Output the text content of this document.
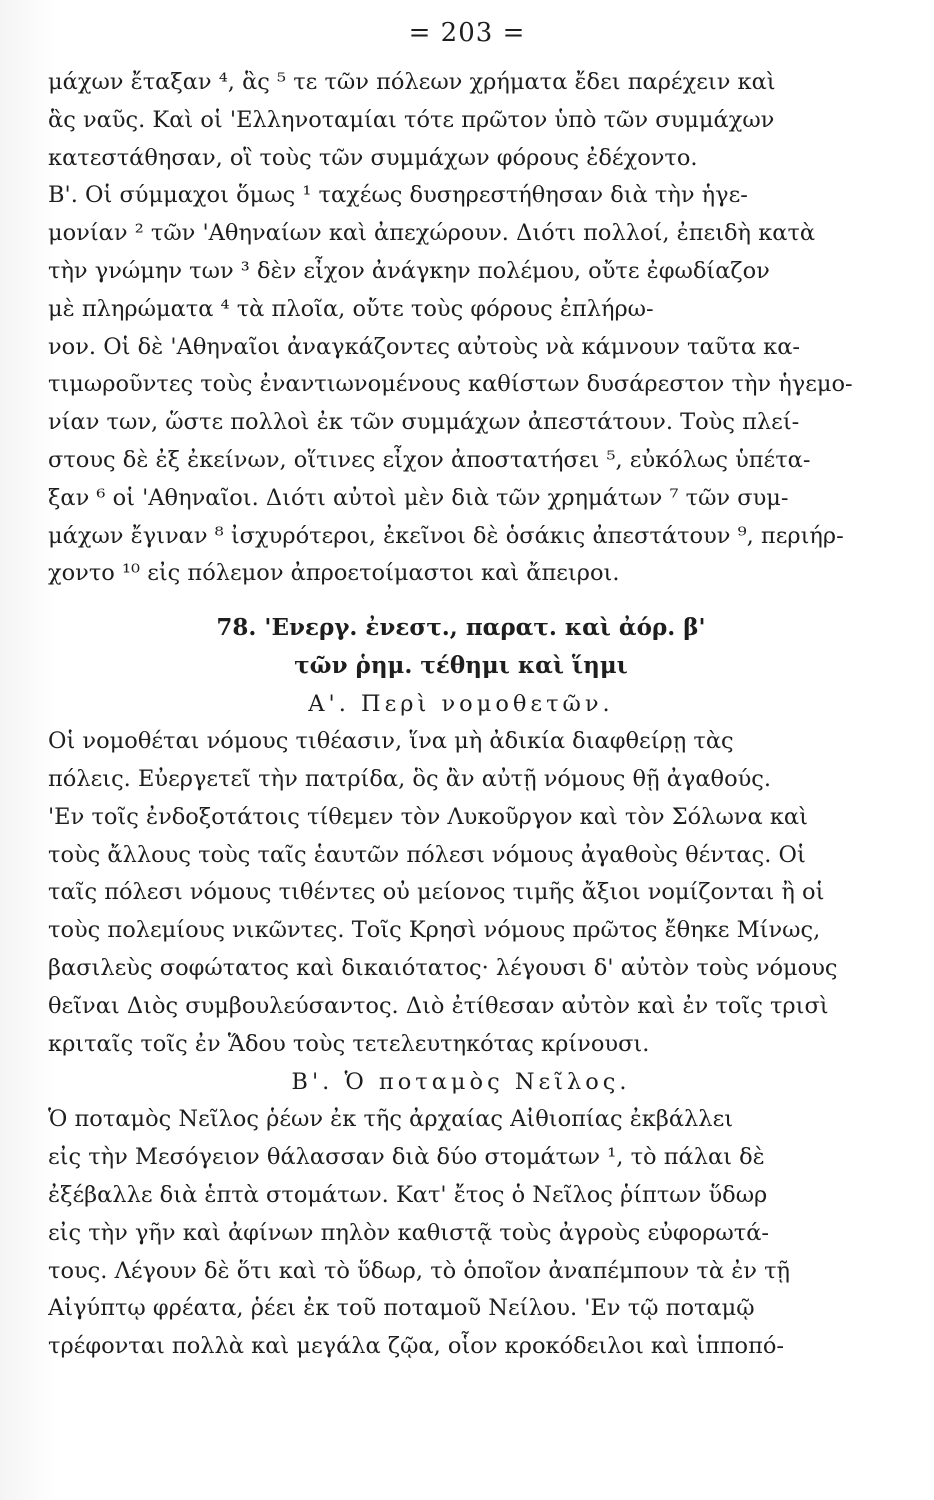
= 203 =
μάχων ἔταξαν ⁴, ἃς ⁵ τε τῶν πόλεων χρήματα ἔδει παρέχειν καὶ
ἃς ναῦς. Καὶ οἱ 'Ελληνοταμίαι τότε πρῶτον ὑπὸ τῶν συμμάχων
κατεστάθησαν, οἳ τοὺς τῶν συμμάχων φόρους ἐδέχοντο.
Β'. Οἱ σύμμαχοι ὅμως ¹ ταχέως δυσηρεστήθησαν διὰ τὴν ἡγε-
μονίαν ² τῶν 'Αθηναίων καὶ ἀπεχώρουν. Διότι πολλοί, ἐπειδὴ κατὰ
τὴν γνώμην των ³ δὲν εἶχον ἀνάγκην πολέμου, οὔτε ἐφωδίαζον
μὲ πληρώματα ⁴ τὰ πλοῖα, οὔτε τοὺς φόρους ἐπλήρω-
νον. Οἱ δὲ 'Αθηναῖοι ἀναγκάζοντες αὐτοὺς νὰ κάμνουν ταῦτα κα-
τιμωροῦντες τοὺς ἐναντιωνομένους καθίστων δυσάρεστον τὴν ἡγεμο-
νίαν των, ὥστε πολλοὶ ἐκ τῶν συμμάχων ἀπεστάτουν. Τοὺς πλεί-
στους δὲ ἐξ ἐκείνων, οἵτινες εἶχον ἀποστατήσει ⁵, εὐκόλως ὑπέτα-
ξαν ⁶ οἱ 'Αθηναῖοι. Διότι αὐτοὶ μὲν διὰ τῶν χρημάτων ⁷ τῶν συμ-
μάχων ἔγιναν ⁸ ἰσχυρότεροι, ἐκεῖνοι δὲ ὁσάκις ἀπεστάτουν ⁹, περιήρ-
χοντο ¹⁰ εἰς πόλεμον ἀπροετοίμαστοι καὶ ἄπειροι.
78. 'Ενεργ. ἐνεστ., παρατ. καὶ ἀόρ. β'
τῶν ῥημ. τέθημι καὶ ἵημι
Α'. Περὶ νομοθετῶν.
Οἱ νομοθέται νόμους τιθέασιν, ἵνα μὴ ἀδικία διαφθείρῃ τὰς
πόλεις. Εὐεργετεῖ τὴν πατρίδα, ὃς ἂν αὐτῇ νόμους θῇ ἀγαθούς.
'Εν τοῖς ἐνδοξοτάτοις τίθεμεν τὸν Λυκοῦργον καὶ τὸν Σόλωνα καὶ
τοὺς ἄλλους τοὺς ταῖς ἑαυτῶν πόλεσι νόμους ἀγαθοὺς θέντας. Οἱ
ταῖς πόλεσι νόμους τιθέντες οὐ μείονος τιμῆς ἄξιοι νομίζονται ἢ οἱ
τοὺς πολεμίους νικῶντες. Τοῖς Κρησὶ νόμους πρῶτος ἔθηκε Μίνως,
βασιλεὺς σοφώτατος καὶ δικαιότατος· λέγουσι δ' αὐτὸν τοὺς νόμους
θεῖναι Διὸς συμβουλεύσαντος. Διὸ ἐτίθεσαν αὐτὸν καὶ ἐν τοῖς τρισὶ
κριταῖς τοῖς ἐν Ἅδου τοὺς τετελευτηκότας κρίνουσι.
Β'. Ὁ ποταμὸς Νεῖλος.
Ὁ ποταμὸς Νεῖλος ῥέων ἐκ τῆς ἀρχαίας Αἰθιοπίας ἐκβάλλει
εἰς τὴν Μεσόγειον θάλασσαν διὰ δύο στομάτων ¹, τὸ πάλαι δὲ
ἐξέβαλλε διὰ ἑπτὰ στομάτων. Κατ' ἔτος ὁ Νεῖλος ῥίπτων ὕδωρ
εἰς τὴν γῆν καὶ ἀφίνων πηλὸν καθιστᾷ τοὺς ἀγροὺς εὐφορωτά-
τους. Λέγουν δὲ ὅτι καὶ τὸ ὕδωρ, τὸ ὁποῖον ἀναπέμπουν τὰ ἐν τῇ
Αἰγύπτῳ φρέατα, ῥέει ἐκ τοῦ ποταμοῦ Νείλου. 'Εν τῷ ποταμῷ
τρέφονται πολλὰ καὶ μεγάλα ζῷα, οἷον κροκόδειλοι καὶ ἱπποπό-
